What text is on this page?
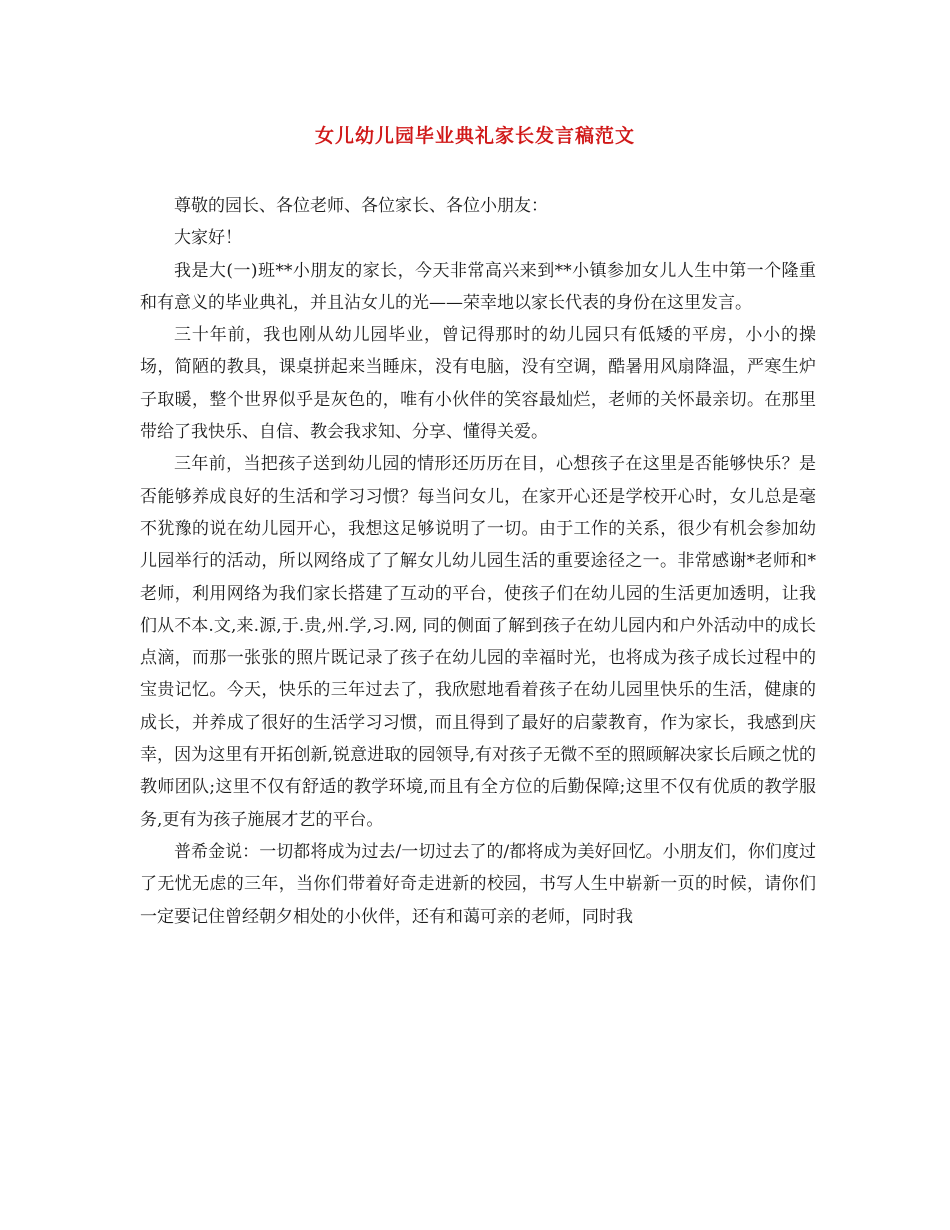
女儿幼儿园毕业典礼家长发言稿范文

尊敬的园长、各位老师、各位家长、各位小朋友：

大家好！

我是大(一)班**小朋友的家长，今天非常高兴来到**小镇参加女儿人生中第一个隆重和有意义的毕业典礼，并且沾女儿的光——荣幸地以家长代表的身份在这里发言。

三十年前，我也刚从幼儿园毕业，曾记得那时的幼儿园只有低矮的平房，小小的操场，简陋的教具，课桌拼起来当睡床，没有电脑，没有空调，酷暑用风扇降温，严寒生炉子取暖，整个世界似乎是灰色的，唯有小伙伴的笑容最灿烂，老师的关怀最亲切。在那里带给了我快乐、自信、教会我求知、分享、懂得关爱。

三年前，当把孩子送到幼儿园的情形还历历在目，心想孩子在这里是否能够快乐？是否能够养成良好的生活和学习习惯？每当问女儿，在家开心还是学校开心时，女儿总是毫不犹豫的说在幼儿园开心，我想这足够说明了一切。由于工作的关系，很少有机会参加幼儿园举行的活动，所以网络成了了解女儿幼儿园生活的重要途径之一。非常感谢*老师和*老师，利用网络为我们家长搭建了互动的平台，使孩子们在幼儿园的生活更加透明，让我们从不本.文,来.源,于.贵,州.学,习.网, 同的侧面了解到孩子在幼儿园内和户外活动中的成长点滴，而那一张张的照片既记录了孩子在幼儿园的幸福时光，也将成为孩子成长过程中的宝贵记忆。今天，快乐的三年过去了，我欣慰地看着孩子在幼儿园里快乐的生活，健康的成长，并养成了很好的生活学习习惯，而且得到了最好的启蒙教育，作为家长，我感到庆幸，因为这里有开拓创新,锐意进取的园领导,有对孩子无微不至的照顾解决家长后顾之忧的教师团队;这里不仅有舒适的教学环境,而且有全方位的后勤保障;这里不仅有优质的教学服务,更有为孩子施展才艺的平台。

普希金说：一切都将成为过去/一切过去了的/都将成为美好回忆。小朋友们，你们度过了无忧无虑的三年，当你们带着好奇走进新的校园，书写人生中崭新一页的时候，请你们一定要记住曾经朝夕相处的小伙伴，还有和蔼可亲的老师，同时我
